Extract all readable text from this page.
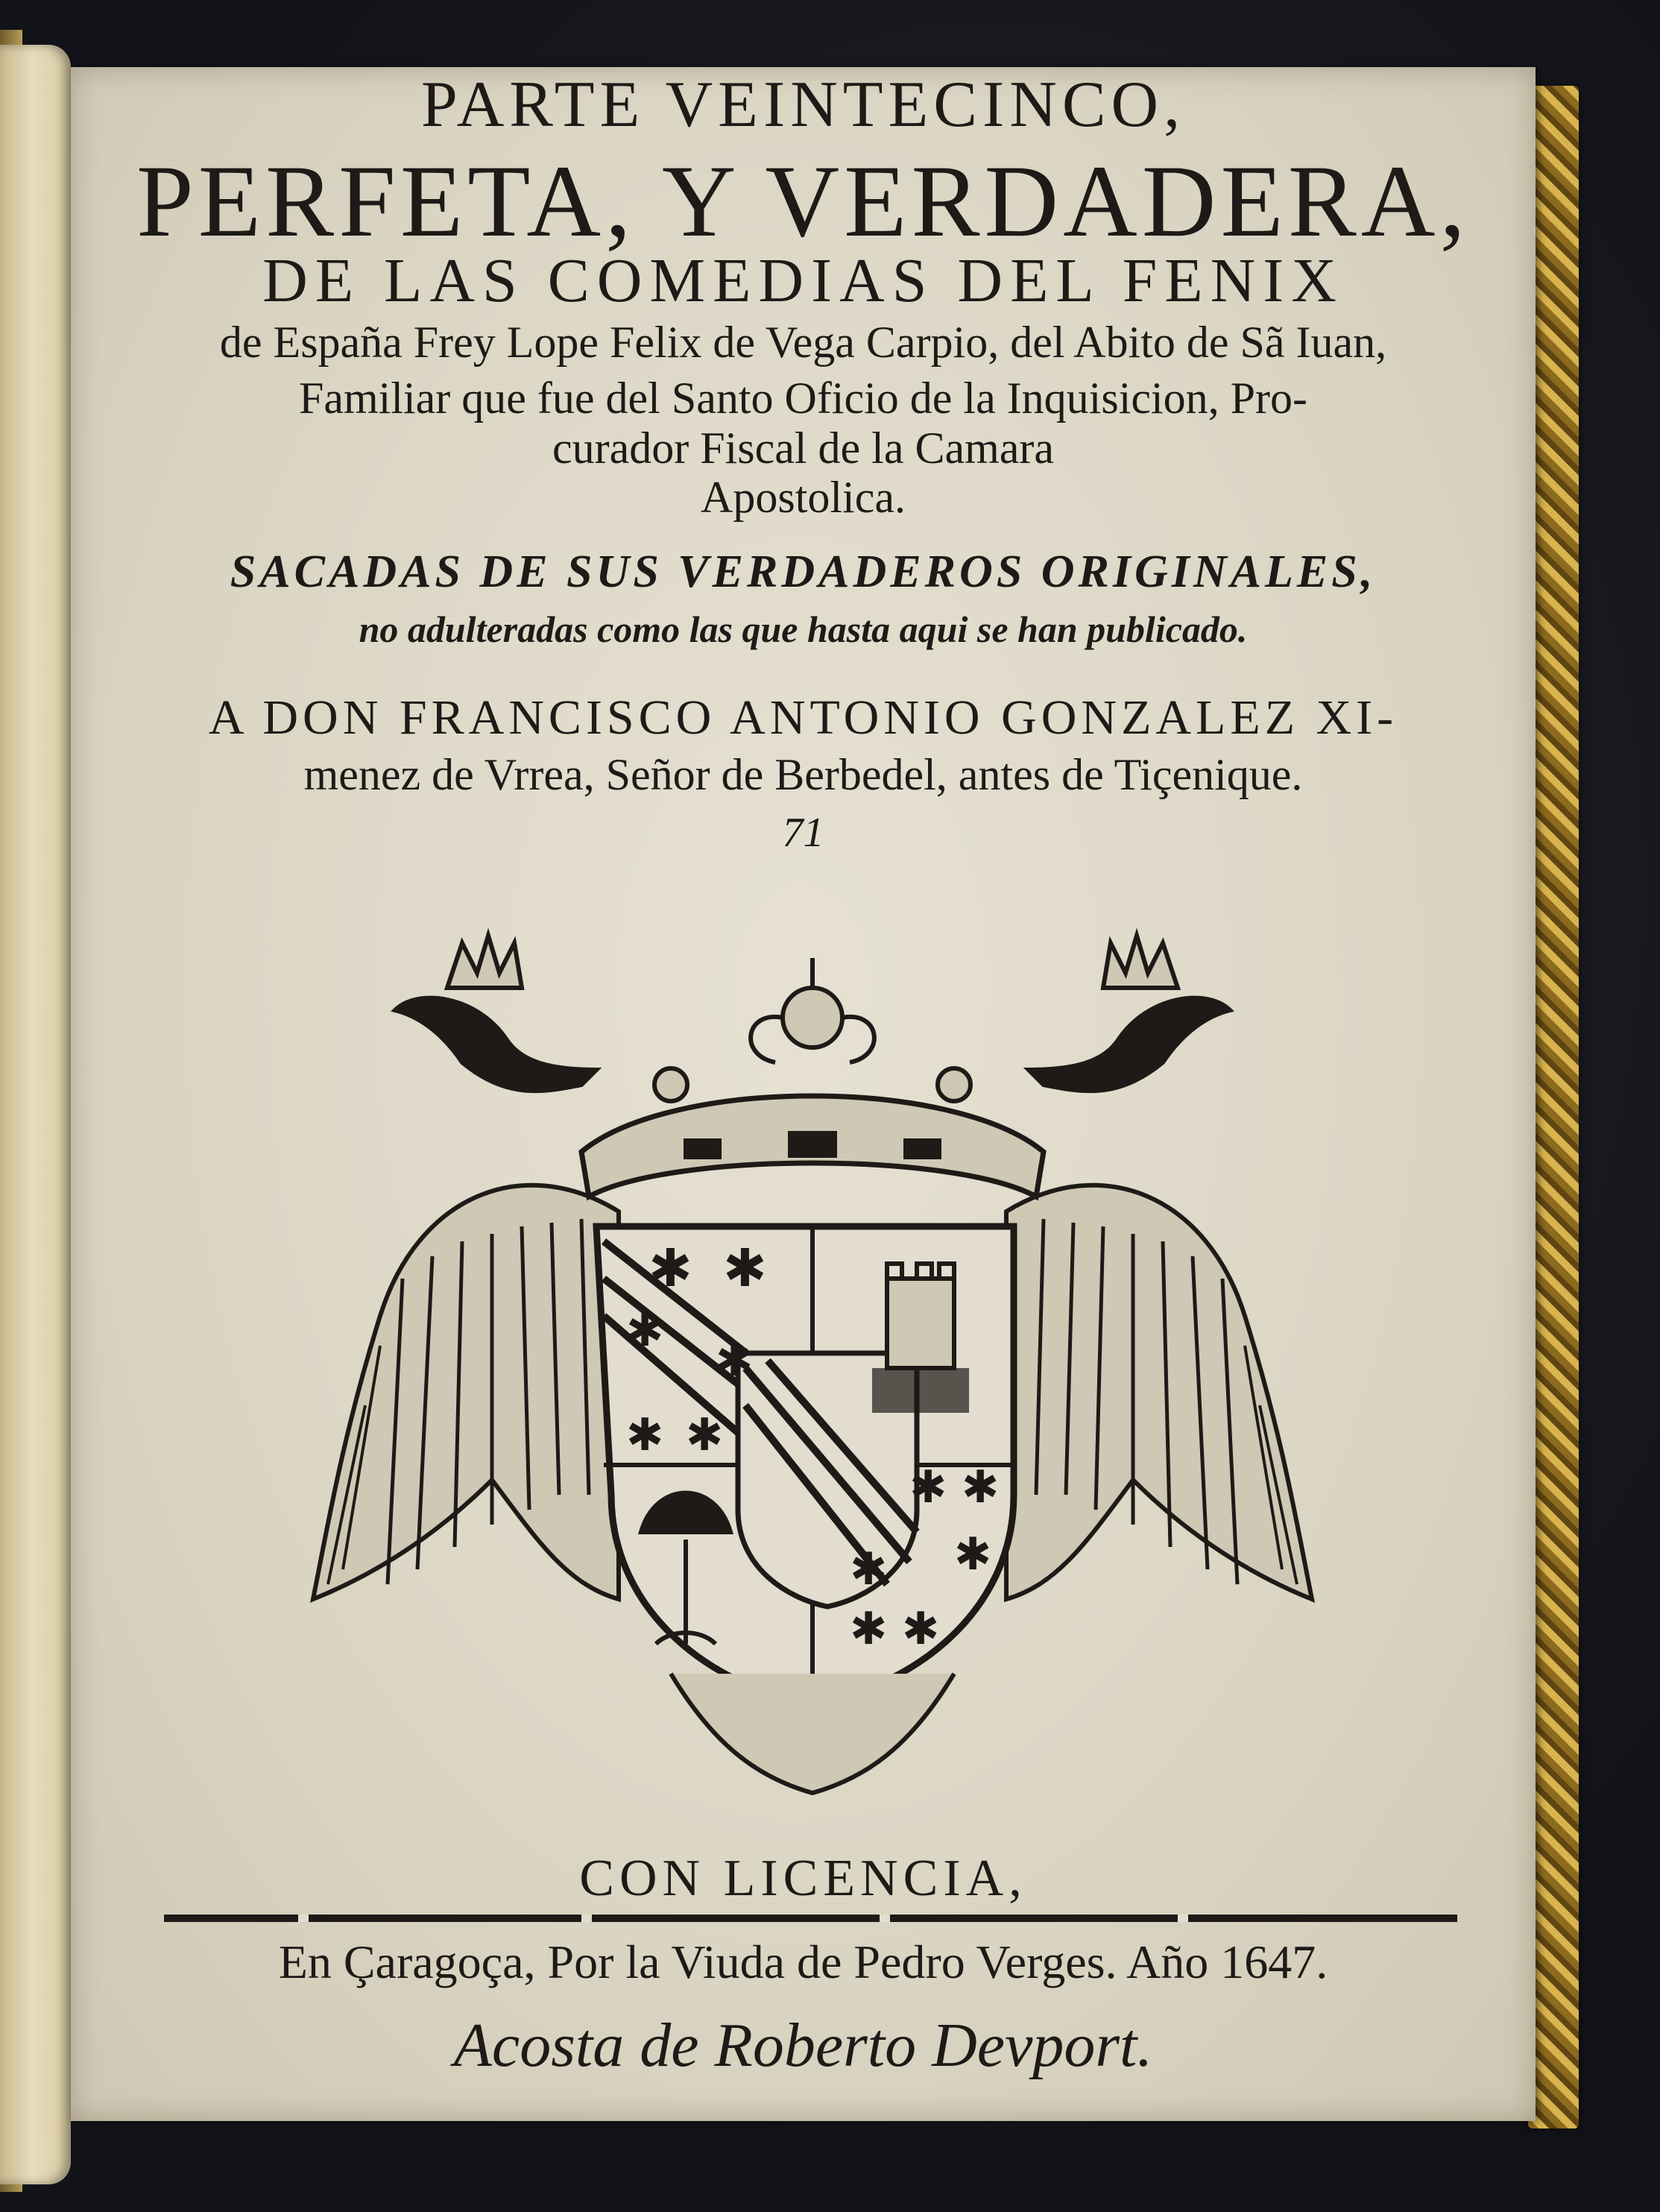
PARTE VEINTECINCO,
PERFETA, Y VERDADERA,
DE LAS COMEDIAS DEL FENIX
de España Frey Lope Felix de Vega Carpio, del Abito de Sã Iuan,
Familiar que fue del Santo Oficio de la Inquisicion, Pro-
curador Fiscal de la Camara
Apostolica.
SACADAS DE SUS VERDADEROS ORIGINALES,
no adulteradas como las que hasta aqui se han publicado.
A DON FRANCISCO ANTONIO GONZALEZ XI-
menez de Vrrea, Señor de Berbedel, antes de Tiçenique.
71
✱ ✱
✱
✱
✱ ✱
✱ ✱
✱ ✱
✱ ✱
CON LICENCIA,
En Çaragoça, Por la Viuda de Pedro Verges. Año 1647.
Acosta de Roberto Devport.
